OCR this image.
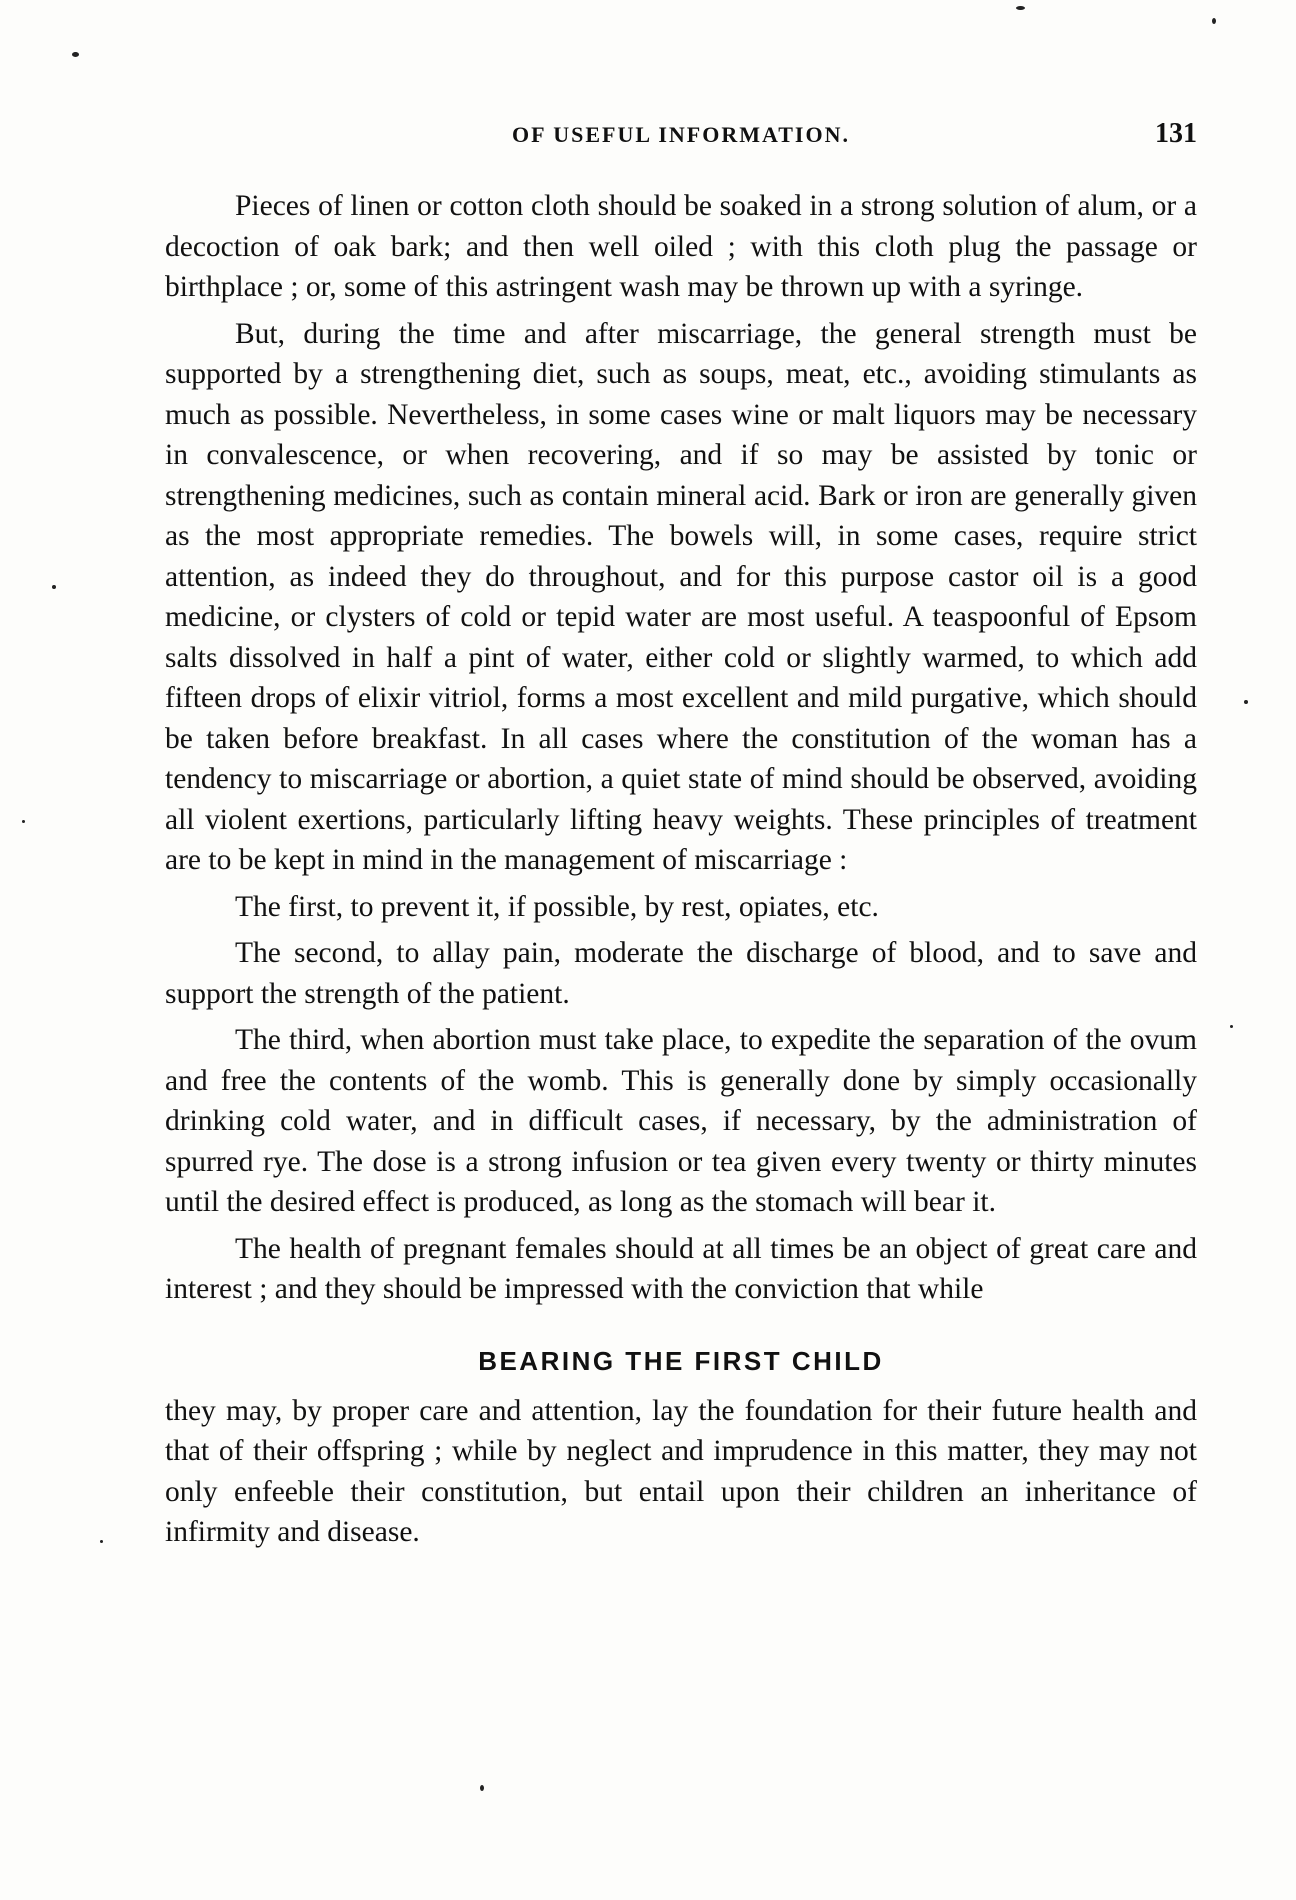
OF USEFUL INFORMATION.	131

Pieces of linen or cotton cloth should be soaked in a strong solution of alum, or a decoction of oak bark; and then well oiled ; with this cloth plug the passage or birthplace ; or, some of this astringent wash may be thrown up with a syringe.

But, during the time and after miscarriage, the general strength must be supported by a strengthening diet, such as soups, meat, etc., avoiding stimulants as much as possible. Nevertheless, in some cases wine or malt liquors may be necessary in convalescence, or when recovering, and if so may be assisted by tonic or strengthening medicines, such as contain mineral acid. Bark or iron are generally given as the most appropriate remedies. The bowels will, in some cases, require strict attention, as indeed they do throughout, and for this purpose castor oil is a good medicine, or clysters of cold or tepid water are most useful. A teaspoonful of Epsom salts dissolved in half a pint of water, either cold or slightly warmed, to which add fifteen drops of elixir vitriol, forms a most excellent and mild purgative, which should be taken before breakfast. In all cases where the constitution of the woman has a tendency to miscarriage or abortion, a quiet state of mind should be observed, avoiding all violent exertions, particularly lifting heavy weights. These principles of treatment are to be kept in mind in the management of miscarriage :

The first, to prevent it, if possible, by rest, opiates, etc.

The second, to allay pain, moderate the discharge of blood, and to save and support the strength of the patient.

The third, when abortion must take place, to expedite the separation of the ovum and free the contents of the womb. This is generally done by simply occasionally drinking cold water, and in difficult cases, if necessary, by the administration of spurred rye. The dose is a strong infusion or tea given every twenty or thirty minutes until the desired effect is produced, as long as the stomach will bear it.

The health of pregnant females should at all times be an object of great care and interest ; and they should be impressed with the conviction that while

BEARING THE FIRST CHILD

they may, by proper care and attention, lay the foundation for their future health and that of their offspring ; while by neglect and imprudence in this matter, they may not only enfeeble their constitution, but entail upon their children an inheritance of infirmity and disease.
